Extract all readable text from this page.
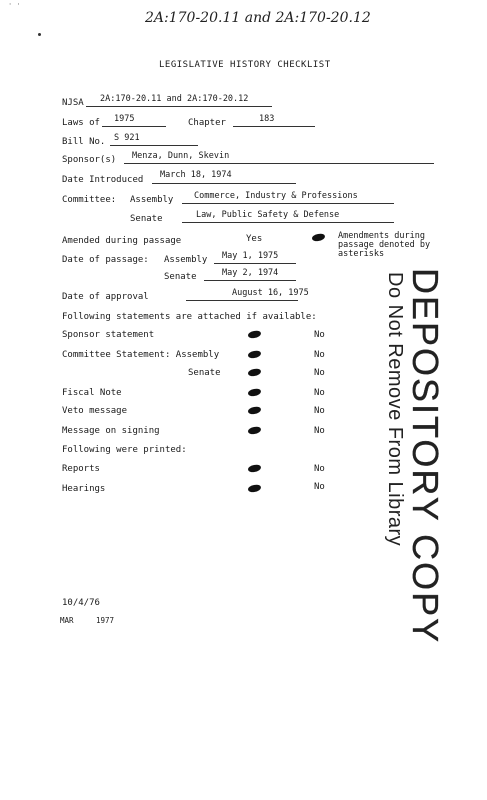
' '
2A:170-20.11 and 2A:170-20.12
LEGISLATIVE HISTORY CHECKLIST
NJSA 2A:170-20.11 and 2A:170-20.12
Laws of 1975	Chapter	183
Bill No. S 921
Sponsor(s) Menza, Dunn, Skevin
Date Introduced March 18, 1974
Committee: Assembly Commerce, Industry & Professions
Senate	Law, Public Safety & Defense
Amended during passage	Yes	Amendments during
passage denoted by
asterisks
Date of passage: Assembly May 1, 1975
Senate	May 2, 1974
Date of approval	August 16, 1975
Following statements are attached if available:
Sponsor statement	No
Committee Statement: Assembly	No
Senate	No
Fiscal Note	No
Veto message	No
Message on signing	No
Following were printed:
Reports	No
Hearings	No DEPOSITORY COPY
Do Not Remove From Library
10/4/76
MAR	1977
